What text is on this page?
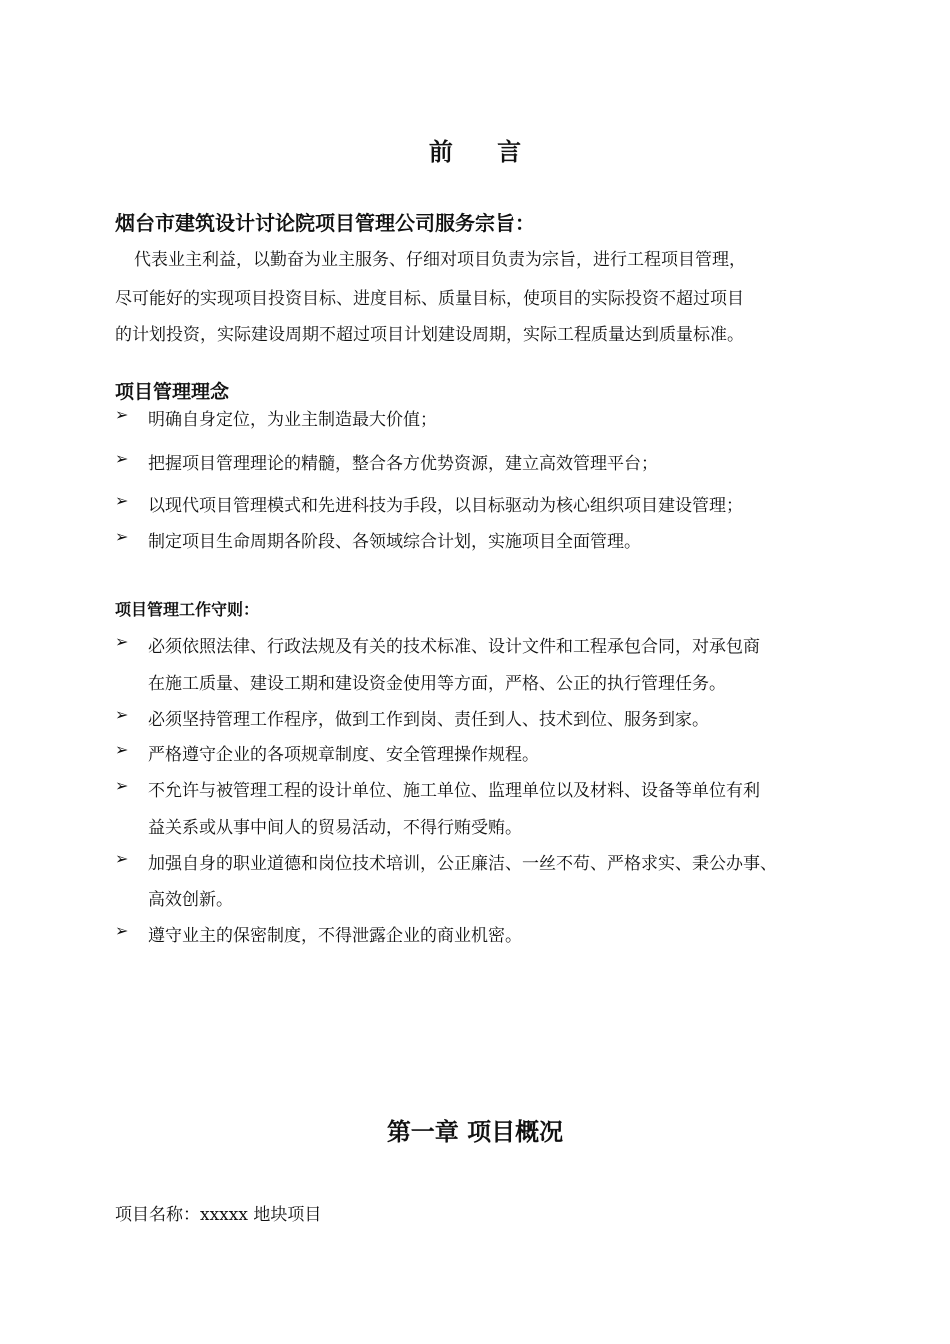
前 言
烟台市建筑设计讨论院项目管理公司服务宗旨：

代表业主利益，以勤奋为业主服务、仔细对项目负责为宗旨，进行工程项目管理，

尽可能好的实现项目投资目标、进度目标、质量目标，使项目的实际投资不超过项目

的计划投资，实际建设周期不超过项目计划建设周期，实际工程质量达到质量标准。

项目管理理念
➢ 明确自身定位，为业主制造最大价值；
➢ 把握项目管理理论的精髓，整合各方优势资源，建立高效管理平台；
➢ 以现代项目管理模式和先进科技为手段，以目标驱动为核心组织项目建设管理；
➢ 制定项目生命周期各阶段、各领域综合计划，实施项目全面管理。
项目管理工作守则：
➢ 必须依照法律、行政法规及有关的技术标准、设计文件和工程承包合同，对承包商
在施工质量、建设工期和建设资金使用等方面，严格、公正的执行管理任务。
➢ 必须坚持管理工作程序，做到工作到岗、责任到人、技术到位、服务到家。
➢ 严格遵守企业的各项规章制度、安全管理操作规程。
➢ 不允许与被管理工程的设计单位、施工单位、监理单位以及材料、设备等单位有利
益关系或从事中间人的贸易活动，不得行贿受贿。
➢ 加强自身的职业道德和岗位技术培训，公正廉洁、一丝不苟、严格求实、秉公办事、
高效创新。
➢ 遵守业主的保密制度，不得泄露企业的商业机密。
第一章 项目概况

项目名称：xxxxx 地块项目
